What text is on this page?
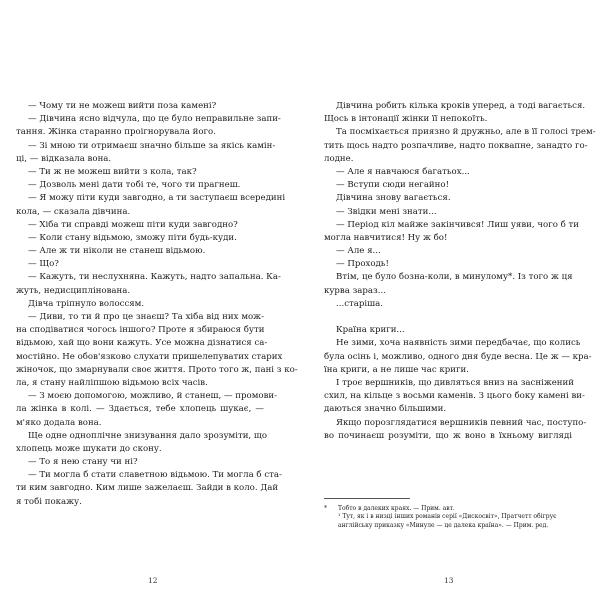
— Чому ти не можеш вийти поза камені?
— Дівчина ясно відчула, що це було неправильне запи-
тання. Жінка старанно проігнорувала його.
— Зі мною ти отримаєш значно більше за якісь камін-
ці, — відказала вона.
— Ти ж не можеш вийти з кола, так?
— Дозволь мені дати тобі те, чого ти прагнеш.
— Я можу піти куди завгодно, а ти заступаєш всередині
кола, — сказала дівчина.
— Хіба ти справді можеш піти куди завгодно?
— Коли стану відьмою, зможу піти будь-куди.
— Але ж ти ніколи не станеш відьмою.
— Що?
— Кажуть, ти неслухняна. Кажуть, надто запальна. Ка-
жуть, недисциплінована.
Дівча тріпнуло волоссям.
— Диви, то ти й про це знаєш? Та хіба від них мож-
на сподіватися чогось іншого? Проте я збираюся бути
відьмою, хай що вони кажуть. Усе можна дізнатися са-
мостійно. Не обов'язково слухати пришелепуватих старих
жіночок, що змарнували своє життя. Прото того ж, пані з ко-
ла, я стану найліпшою відьмою всіх часів.
— З моєю допомогою, можливо, й станеш, — промови-
ла жінка в колі. — Здається, тебе хлопець шукає, —
м'яко додала вона.
Ще одне одноплічне знизування дало зрозуміти, що
хлопець може шукати до скону.
— То я нею стану чи ні?
— Ти могла б стати славетною відьмою. Ти могла б ста-
ти ким завгодно. Ким лише зажелаєш. Зайди в коло. Дай
я тобі покажу.
Дівчина робить кілька кроків уперед, а тоді вагається.
Щось в інтонації жінки її непокоїть.
Та посміхається приязно й дружньо, але в її голосі трем-
тить щось надто розпачливе, надто поквапне, занадто го-
лодне.
— Але я навчаюся багатьох...
— Вступи сюди негайно!
Дівчина знову вагається.
— Звідки мені знати...
— Період кіл майже закінчився! Лиш уяви, чого б ти
могла навчитися! Ну ж бо!
— Але я...
— Проходь!
Втім, це було бозна-коли, в минулому*. Із того ж ця
курва зараз...
...старіша.
Країна криги...
Не зими, хоча наявність зими передбачає, що колись
була осінь і, можливо, одного дня буде весна. Це ж — кра-
їна криги, а не лише час криги.
І троє вершників, що дивляться вниз на засніжений
схил, на кільце з восьми каменів. З цього боку камені ви-
даються значно більшими.
Якщо порозглядатися вершників певний час, поступо-
во починаєш розуміти, що ж воно в їхньому вигляді
* Тобто в далеких краях. — Прим. авт.
¹ Тут, як і в низці інших романів серії «Дискосвіт», Пратчетт обігрує
англійську приказку «Минуле — це далека країна». — Прим. ред.
12	13
